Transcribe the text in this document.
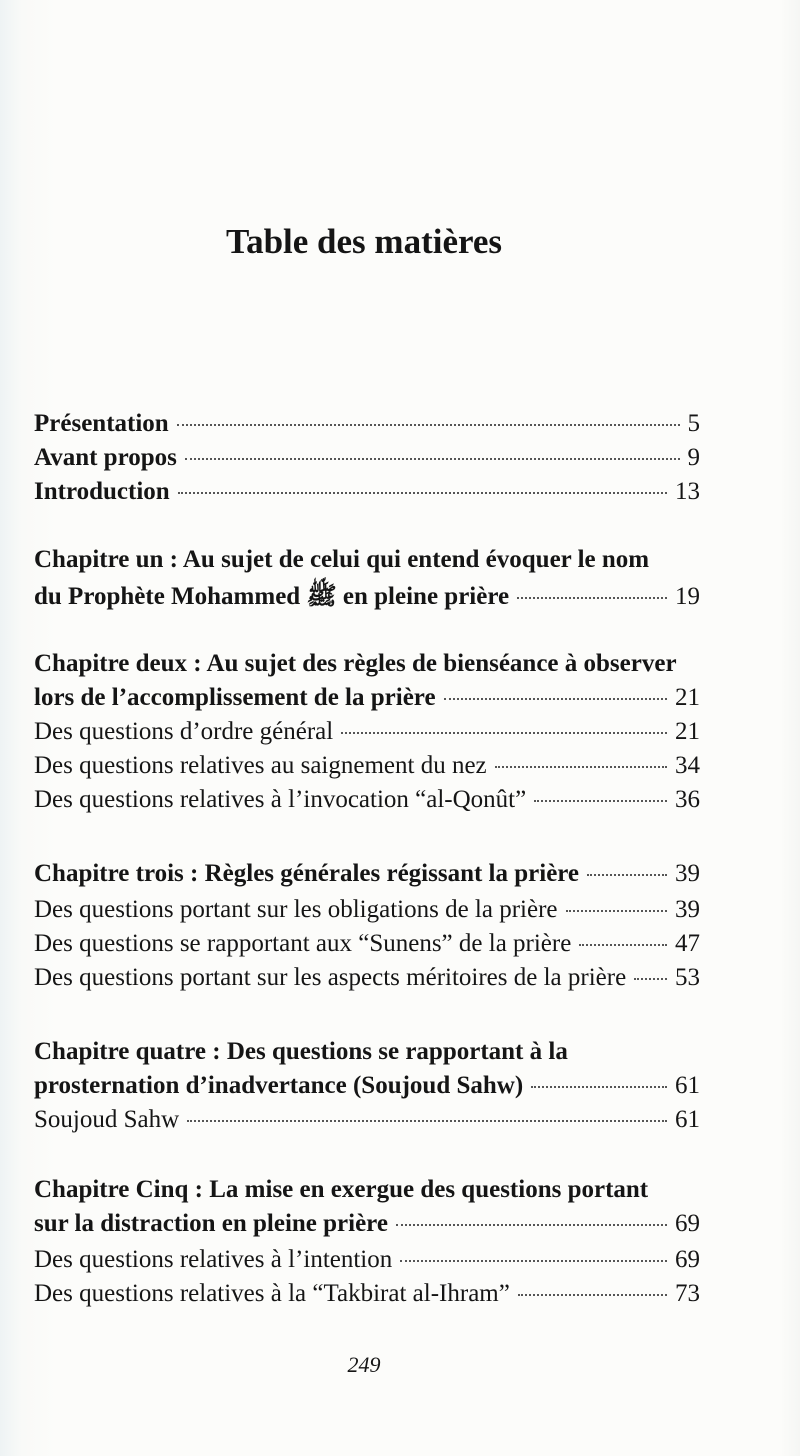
Table des matières
Présentation	5
Avant propos	9
Introduction	13
Chapitre un : Au sujet de celui qui entend évoquer le nom
du Prophète Mohammed ﷺ en pleine prière	19
Chapitre deux : Au sujet des règles de bienséance à observer
lors de l’accomplissement de la prière	21
Des questions d’ordre général	21
Des questions relatives au saignement du nez	34
Des questions relatives à l’invocation “al-Qonût”	36
Chapitre trois : Règles générales régissant la prière	39
Des questions portant sur les obligations de la prière	39
Des questions se rapportant aux “Sunens” de la prière	47
Des questions portant sur les aspects méritoires de la prière 53
Chapitre quatre : Des questions se rapportant à la
prosternation d’inadvertance (Soujoud Sahw)	61
Soujoud Sahw	61
Chapitre Cinq : La mise en exergue des questions portant
sur la distraction en pleine prière	69
Des questions relatives à l’intention	69
Des questions relatives à la “Takbirat al-Ihram”	73
249
